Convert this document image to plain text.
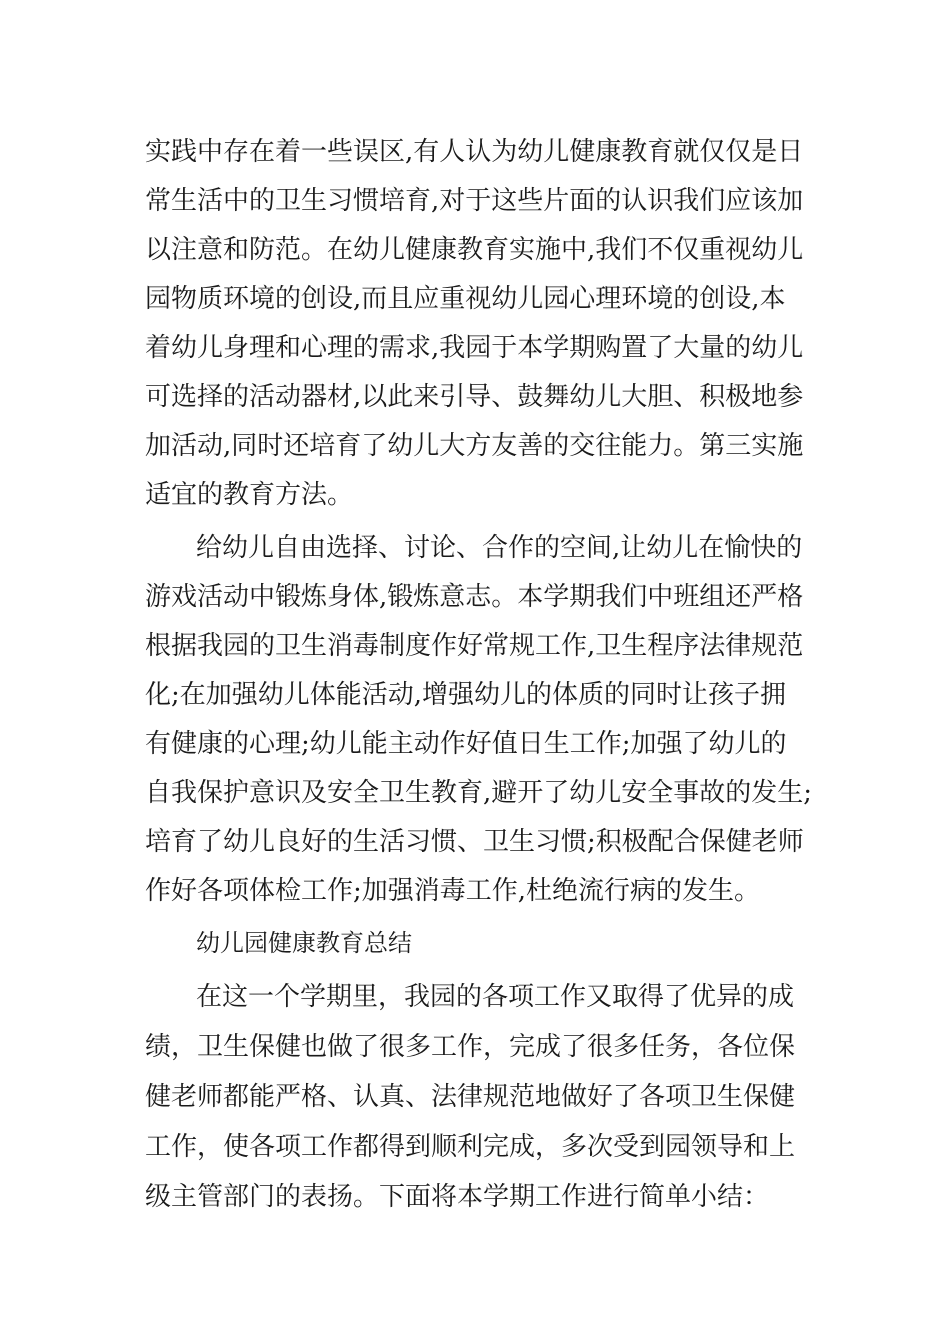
实践中存在着一些误区,有人认为幼儿健康教育就仅仅是日
常生活中的卫生习惯培育,对于这些片面的认识我们应该加
以注意和防范。在幼儿健康教育实施中,我们不仅重视幼儿
园物质环境的创设,而且应重视幼儿园心理环境的创设,本
着幼儿身理和心理的需求,我园于本学期购置了大量的幼儿
可选择的活动器材,以此来引导、鼓舞幼儿大胆、积极地参
加活动,同时还培育了幼儿大方友善的交往能力。第三实施
适宜的教育方法。
给幼儿自由选择、讨论、合作的空间,让幼儿在愉快的
游戏活动中锻炼身体,锻炼意志。本学期我们中班组还严格
根据我园的卫生消毒制度作好常规工作,卫生程序法律规范
化;在加强幼儿体能活动,增强幼儿的体质的同时让孩子拥
有健康的心理;幼儿能主动作好值日生工作;加强了幼儿的
自我保护意识及安全卫生教育,避开了幼儿安全事故的发生;
培育了幼儿良好的生活习惯、卫生习惯;积极配合保健老师
作好各项体检工作;加强消毒工作,杜绝流行病的发生。
幼儿园健康教育总结
在这一个学期里，我园的各项工作又取得了优异的成
绩，卫生保健也做了很多工作，完成了很多任务，各位保
健老师都能严格、认真、法律规范地做好了各项卫生保健
工作，使各项工作都得到顺利完成，多次受到园领导和上
级主管部门的表扬。下面将本学期工作进行简单小结：
